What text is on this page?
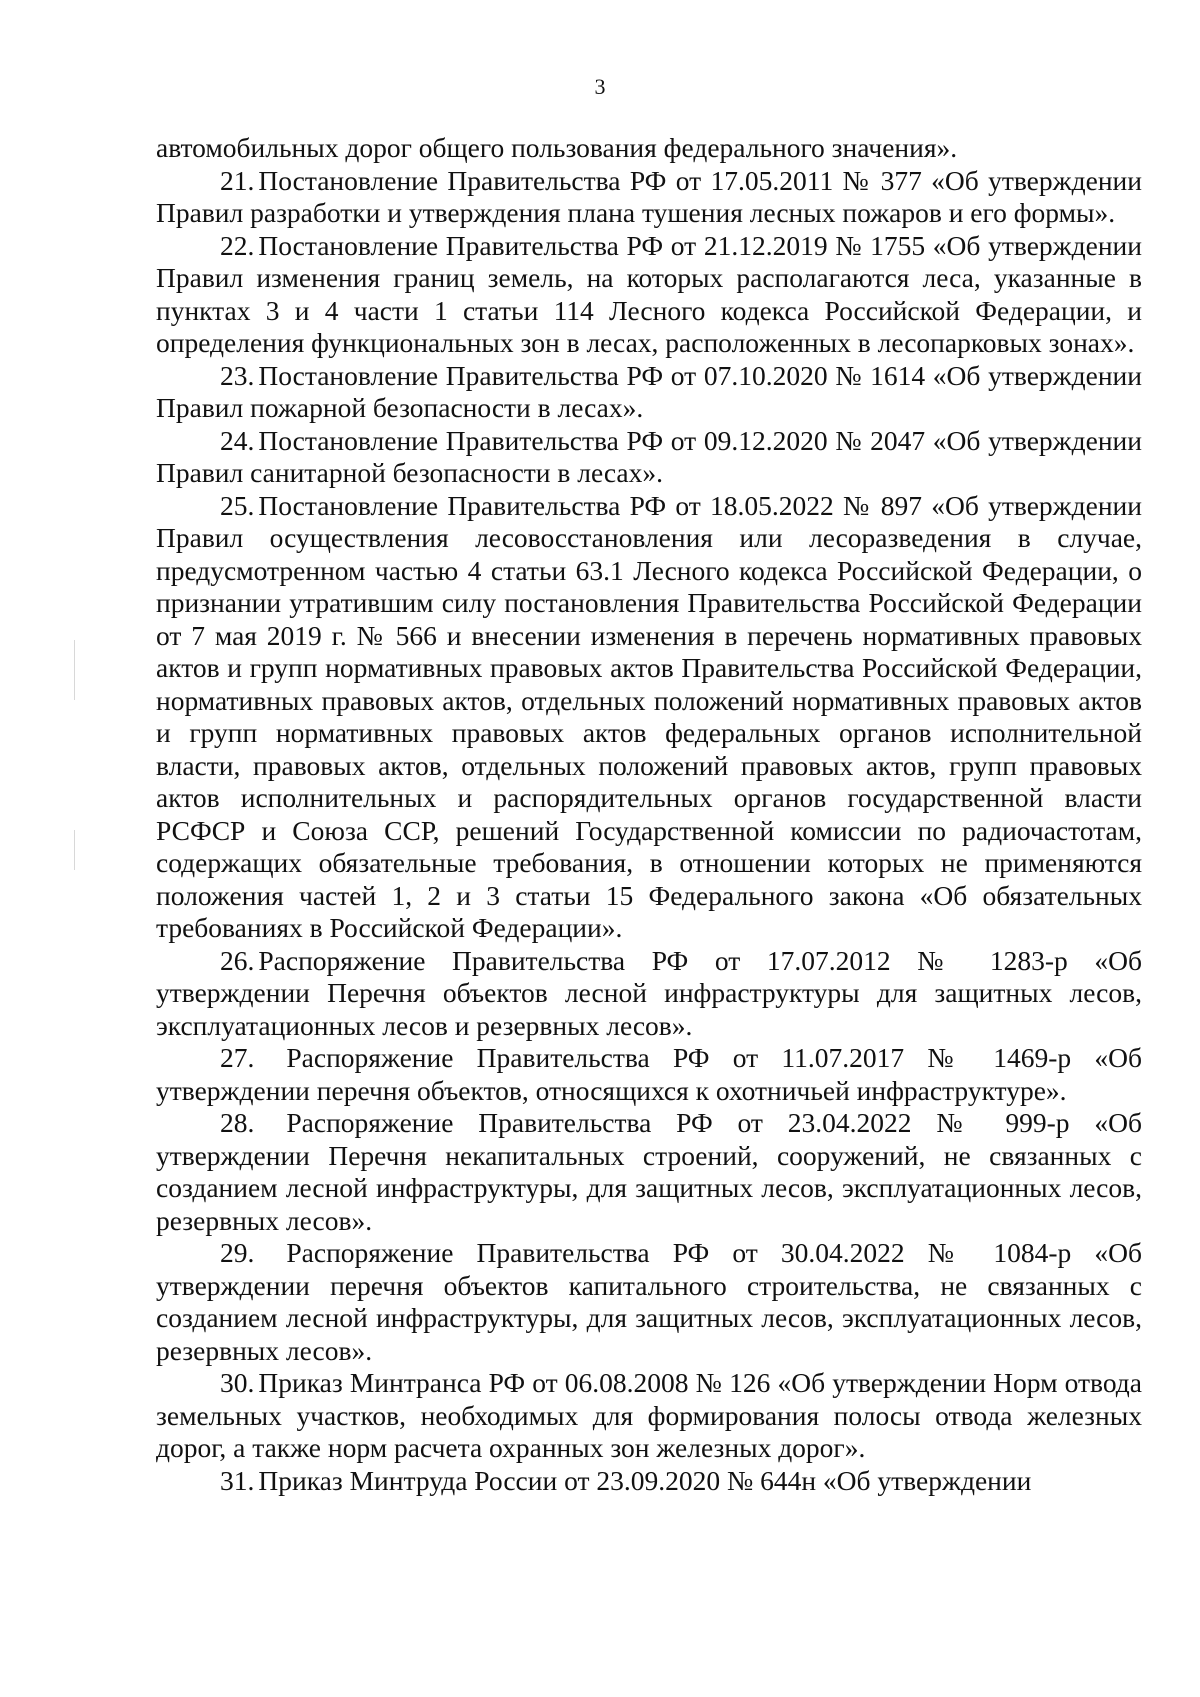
3

автомобильных дорог общего пользования федерального значения».

21. Постановление Правительства РФ от 17.05.2011 № 377 «Об утверждении Правил разработки и утверждения плана тушения лесных пожаров и его формы».

22. Постановление Правительства РФ от 21.12.2019 № 1755 «Об утверждении Правил изменения границ земель, на которых располагаются леса, указанные в пунктах 3 и 4 части 1 статьи 114 Лесного кодекса Российской Федерации, и определения функциональных зон в лесах, расположенных в лесопарковых зонах».

23. Постановление Правительства РФ от 07.10.2020 № 1614 «Об утверждении Правил пожарной безопасности в лесах».

24. Постановление Правительства РФ от 09.12.2020 № 2047 «Об утверждении Правил санитарной безопасности в лесах».

25. Постановление Правительства РФ от 18.05.2022 № 897 «Об утверждении Правил осуществления лесовосстановления или лесоразведения в случае, предусмотренном частью 4 статьи 63.1 Лесного кодекса Российской Федерации, о признании утратившим силу постановления Правительства Российской Федерации от 7 мая 2019 г. № 566 и внесении изменения в перечень нормативных правовых актов и групп нормативных правовых актов Правительства Российской Федерации, нормативных правовых актов, отдельных положений нормативных правовых актов и групп нормативных правовых актов федеральных органов исполнительной власти, правовых актов, отдельных положений правовых актов, групп правовых актов исполнительных и распорядительных органов государственной власти РСФСР и Союза ССР, решений Государственной комиссии по радиочастотам, содержащих обязательные требования, в отношении которых не применяются положения частей 1, 2 и 3 статьи 15 Федерального закона «Об обязательных требованиях в Российской Федерации».

26. Распоряжение Правительства РФ от 17.07.2012 № 1283-р «Об утверждении Перечня объектов лесной инфраструктуры для защитных лесов, эксплуатационных лесов и резервных лесов».

27. Распоряжение Правительства РФ от 11.07.2017 № 1469-р «Об утверждении перечня объектов, относящихся к охотничьей инфраструктуре».

28. Распоряжение Правительства РФ от 23.04.2022 № 999-р «Об утверждении Перечня некапитальных строений, сооружений, не связанных с созданием лесной инфраструктуры, для защитных лесов, эксплуатационных лесов, резервных лесов».

29. Распоряжение Правительства РФ от 30.04.2022 № 1084-р «Об утверждении перечня объектов капитального строительства, не связанных с созданием лесной инфраструктуры, для защитных лесов, эксплуатационных лесов, резервных лесов».

30. Приказ Минтранса РФ от 06.08.2008 № 126 «Об утверждении Норм отвода земельных участков, необходимых для формирования полосы отвода железных дорог, а также норм расчета охранных зон железных дорог».

31. Приказ Минтруда России от 23.09.2020 № 644н «Об утверждении
